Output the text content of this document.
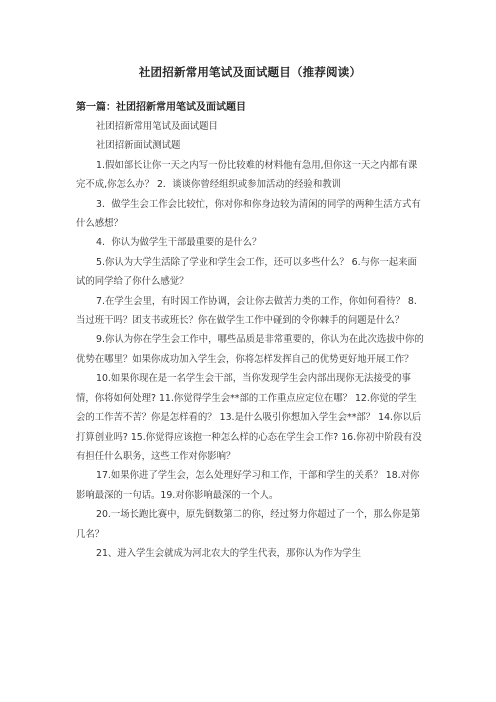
社团招新常用笔试及面试题目（推荐阅读）
第一篇：社团招新常用笔试及面试题目

社团招新常用笔试及面试题目

社团招新面试测试题

1.假如部长让你一天之内写一份比较难的材料他有急用,但你这一天之内都有课完不成,你怎么办？ 2．谈谈你曾经组织或参加活动的经验和教训

3．做学生会工作会比较忙，你对你和你身边较为清闲的同学的两种生活方式有什么感想？

4．你认为做学生干部最重要的是什么？

5.你认为大学生活除了学业和学生会工作，还可以多些什么？ 6.与你一起来面试的同学给了你什么感觉？

7.在学生会里，有时因工作协调，会让你去做苦力类的工作，你如何看待？ 8.当过班干吗？团支书或班长？你在做学生工作中碰到的令你棘手的问题是什么？

9.你认为你在学生会工作中，哪些品质是非常重要的，你认为在此次选拔中你的优势在哪里？如果你成功加入学生会，你将怎样发挥自己的优势更好地开展工作？

10.如果你现在是一名学生会干部，当你发现学生会内部出现你无法接受的事情，你将如何处理? 11.你觉得学生会**部的工作重点应定位在哪？ 12.你觉的学生会的工作苦不苦？你是怎样看的？ 13.是什么吸引你想加入学生会**部？ 14.你以后打算创业吗? 15.你觉得应该抱一种怎么样的心态在学生会工作? 16.你初中阶段有没有担任什么职务，这些工作对你影响？

17.如果你进了学生会，怎么处理好学习和工作，干部和学生的关系？ 18.对你影响最深的一句话。19.对你影响最深的一个人。

20.一场长跑比赛中，原先倒数第二的你，经过努力你超过了一个，那么你是第几名？

21、进入学生会就成为河北农大的学生代表，那你认为作为学生
